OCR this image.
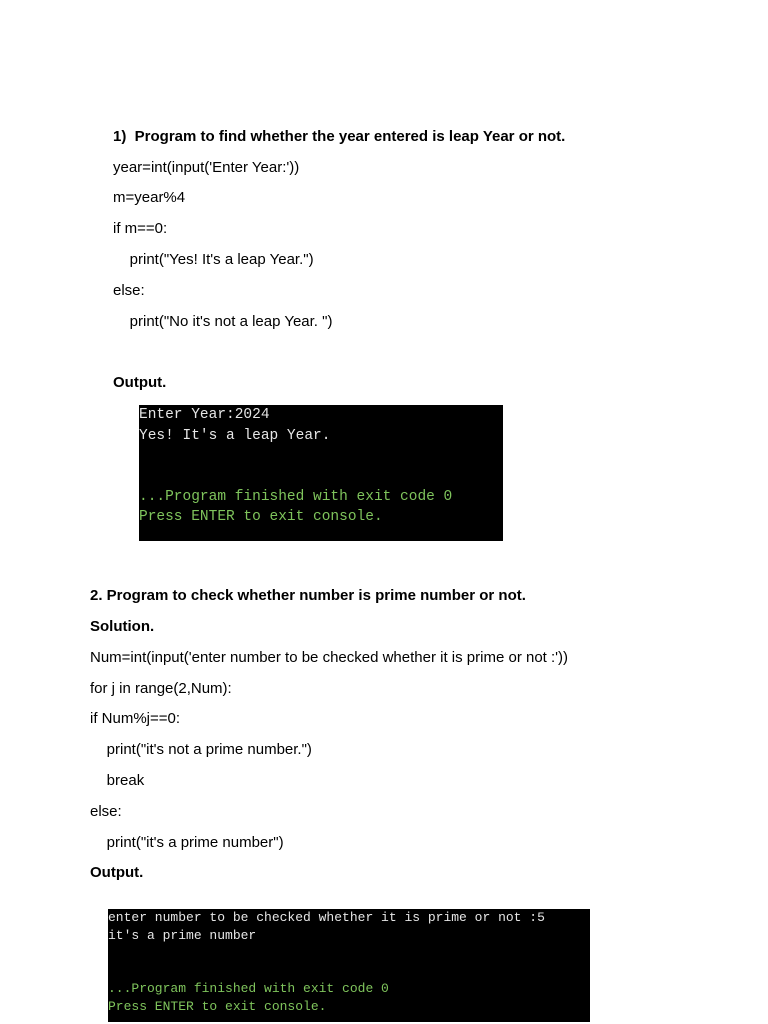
1)  Program to find whether the year entered is leap Year or not.
year=int(input('Enter Year:'))
m=year%4
if m==0:
print("Yes! It's a leap Year.")
else:
print("No it's not a leap Year. ")
Output.

Enter Year:2024

Yes! It's a leap Year.

...Program finished with exit code 0

Press ENTER to exit console.

2. Program to check whether number is prime number or not.
Solution.
Num=int(input('enter number to be checked whether it is prime or not :'))
for j in range(2,Num):
if Num%j==0:
print("it's not a prime number.")
break
else:
print("it's a prime number")
Output.

enter number to be checked whether it is prime or not :5

it's a prime number

...Program finished with exit code 0

Press ENTER to exit console.
